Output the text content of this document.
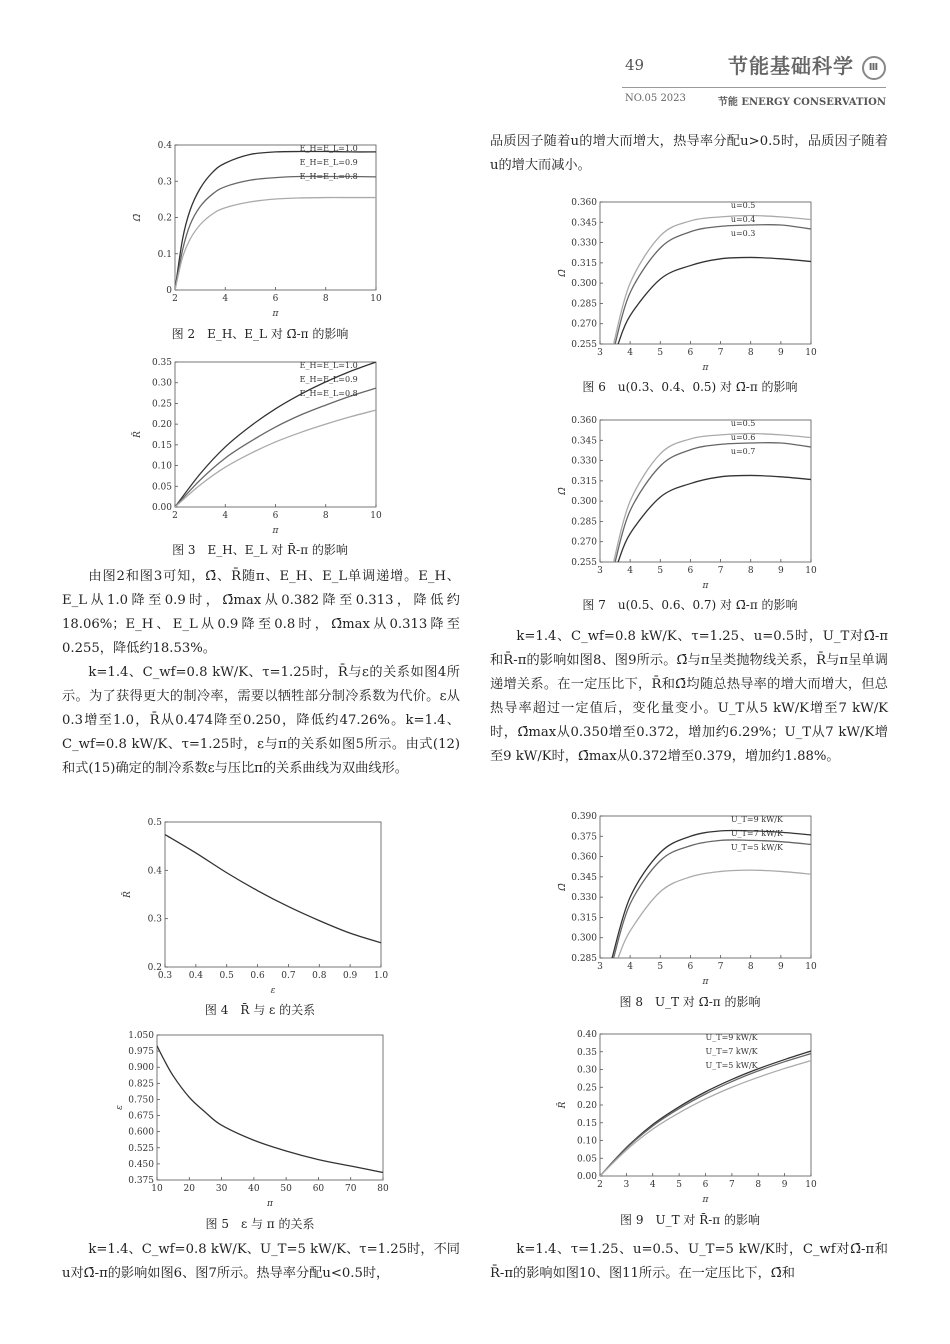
49	节能基础科学 Ⅲ
NO.05 2023	节能 ENERGY CONSERVATION
2	4	6	8	10
0
0.1
0.2
0.3
0.4
π
Ω̄
E_H=E_L=1.0
E_H=E_L=0.9
E_H=E_L=0.8
图 2　E_H、E_L 对 Ω̄-π 的影响
2	4	6	8	10
0.00
0.05
0.10
0.15
0.20
0.25
0.30
0.35
π
R̄
E_H=E_L=1.0
E_H=E_L=0.9
E_H=E_L=0.8
图 3　E_H、E_L 对 R̄-π 的影响

由图2和图3可知，Ω̄、R̄随π、E_H、E_L单调递增。E_H、E_L从1.0降至0.9时，Ω̄max从0.382降至0.313，降低约18.06%；E_H、E_L从0.9降至0.8时，Ω̄max从0.313降至0.255，降低约18.53%。

k=1.4、C_wf=0.8 kW/K、τ=1.25时，R̄与ε的关系如图4所示。为了获得更大的制冷率，需要以牺牲部分制冷系数为代价。ε从0.3增至1.0，R̄从0.474降至0.250，降低约47.26%。k=1.4、C_wf=0.8 kW/K、τ=1.25时，ε与π的关系如图5所示。由式(12)和式(15)确定的制冷系数ε与压比π的关系曲线为双曲线形。

0.3 0.4 0.5 0.6 0.7 0.8 0.9 1.0
0.2
0.3
0.4
0.5
ε
R̄
图 4　R̄ 与 ε 的关系
10 20 30 40 50 60 70 80
0.375
0.450
0.525
0.600
0.675
0.750
0.825
0.900
0.975
1.050
π
ε
图 5　ε 与 π 的关系

k=1.4、C_wf=0.8 kW/K、U_T=5 kW/K、τ=1.25时，不同u对Ω̄-π的影响如图6、图7所示。热导率分配u<0.5时，

品质因子随着u的增大而增大，热导率分配u>0.5时，品质因子随着u的增大而减小。

3	4	5	6	7	8	9 10
0.255
0.270
0.285
0.300
0.315
0.330
0.345
0.360
π
Ω̄
u=0.5
u=0.4
u=0.3
图 6　u(0.3、0.4、0.5) 对 Ω̄-π 的影响
3	4	5	6	7	8	9 10
0.255
0.270
0.285
0.300
0.315
0.330
0.345
0.360
π
Ω̄
u=0.5
u=0.6
u=0.7
图 7　u(0.5、0.6、0.7) 对 Ω̄-π 的影响

k=1.4、C_wf=0.8 kW/K、τ=1.25、u=0.5时，U_T对Ω̄-π和R̄-π的影响如图8、图9所示。Ω̄与π呈类抛物线关系，R̄与π呈单调递增关系。在一定压比下，R̄和Ω̄均随总热导率的增大而增大，但总热导率超过一定值后，变化量变小。U_T从5 kW/K增至7 kW/K时，Ω̄max从0.350增至0.372，增加约6.29%；U_T从7 kW/K增至9 kW/K时，Ω̄max从0.372增至0.379，增加约1.88%。

3	4	5	6	7	8	9 10
0.285
0.300
0.315
0.330
0.345
0.360
0.375
0.390
π
Ω̄
U_T=9 kW/K
U_T=7 kW/K
U_T=5 kW/K
图 8　U_T 对 Ω̄-π 的影响
2 3 4 5 6 7 8 9 10
0.00
0.05
0.10
0.15
0.20
0.25
0.30
0.35
0.40
π
R̄
U_T=9 kW/K
U_T=7 kW/K
U_T=5 kW/K
图 9　U_T 对 R̄-π 的影响

k=1.4、τ=1.25、u=0.5、U_T=5 kW/K时，C_wf对Ω̄-π和R̄-π的影响如图10、图11所示。在一定压比下，Ω̄和
